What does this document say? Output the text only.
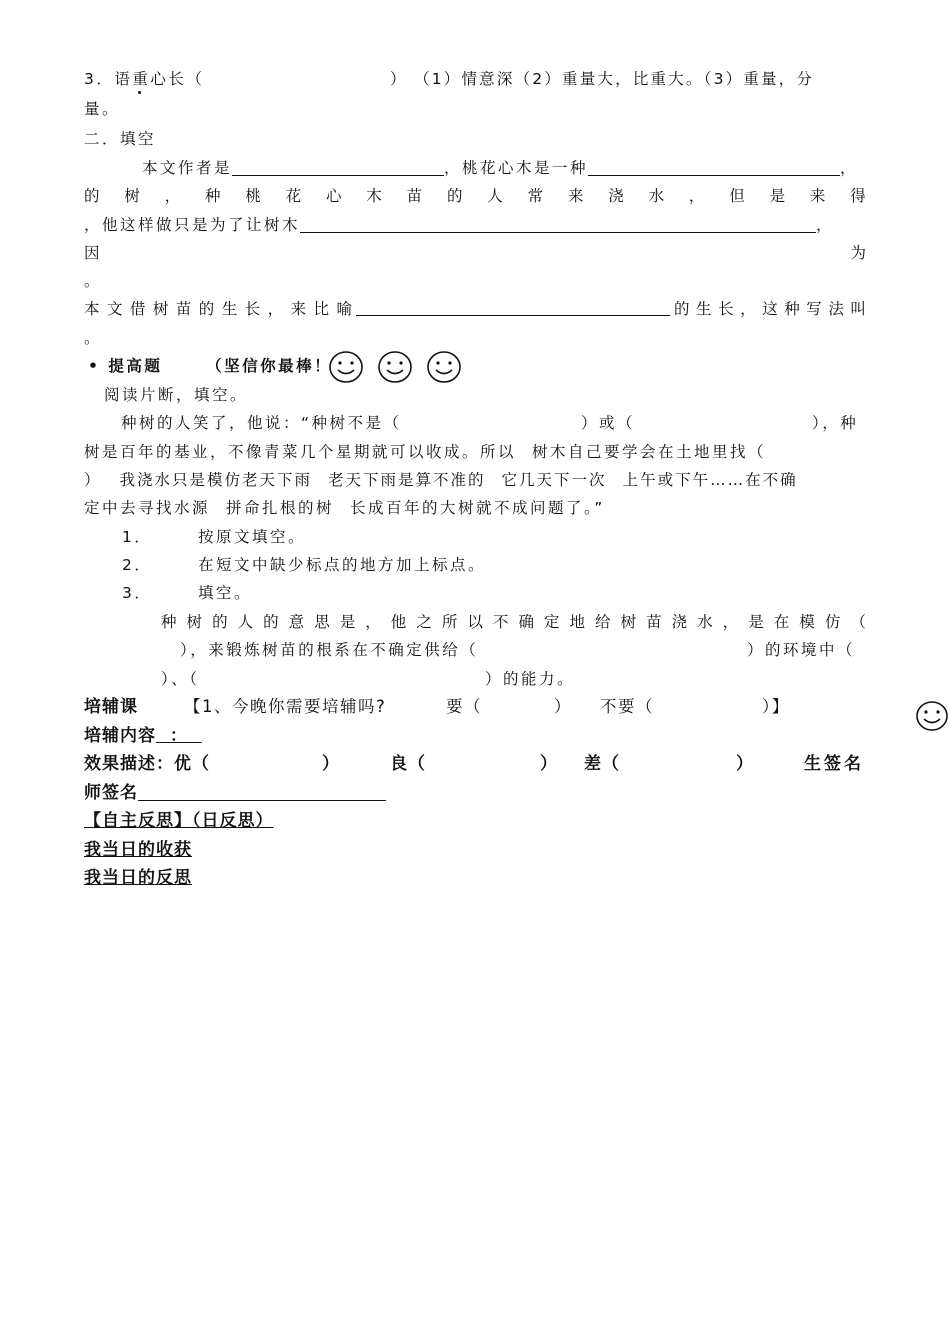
3．语重
心长（	） （1）情意深（2）重量大，比重大。（3）重量，分
量。
二．填空
本文作者是	，桃花心木是一种	，
的 树 ， 种 桃 花 心 木 苗 的 人 常 来 浇 水 ， 但 是 来 得
，他这样做只是为了让树木	，
因	为
。
本 文 借 树 苗 的 生 长 ， 来 比 喻	的 生 长 ， 这 种 写 法 叫
。
• 提高题	（坚信你最棒！
阅读片断，填空。
种树的人笑了，他说：“种树不是（	）或（	），种
树是百年的基业，不像青菜几个星期就可以收成。所以 树木自己要学会在土地里找（
） 我浇水只是模仿老天下雨 老天下雨是算不准的 它几天下一次 上午或下午……在不确
定中去寻找水源 拼命扎根的树 长成百年的大树就不成问题了。”
1．	按原文填空。
2．	在短文中缺少标点的地方加上标点。
3．	填空。
种 树 的 人 的 意 思 是 ， 他 之 所 以 不 确 定 地 给 树 苗 浇 水 ， 是 在 模 仿 （
），来锻炼树苗的根系在不确定供给（	）的环境中（
）、（	）的能力。
培辅课	【1、今晚你需要培辅吗?	要（	） 不要（	）】
培辅内容 ：
效果描述：优（	）	良（	）	差（	）	生签名
师签名
【自主反思】（日反思）
我当日的收获
我当日的反思
